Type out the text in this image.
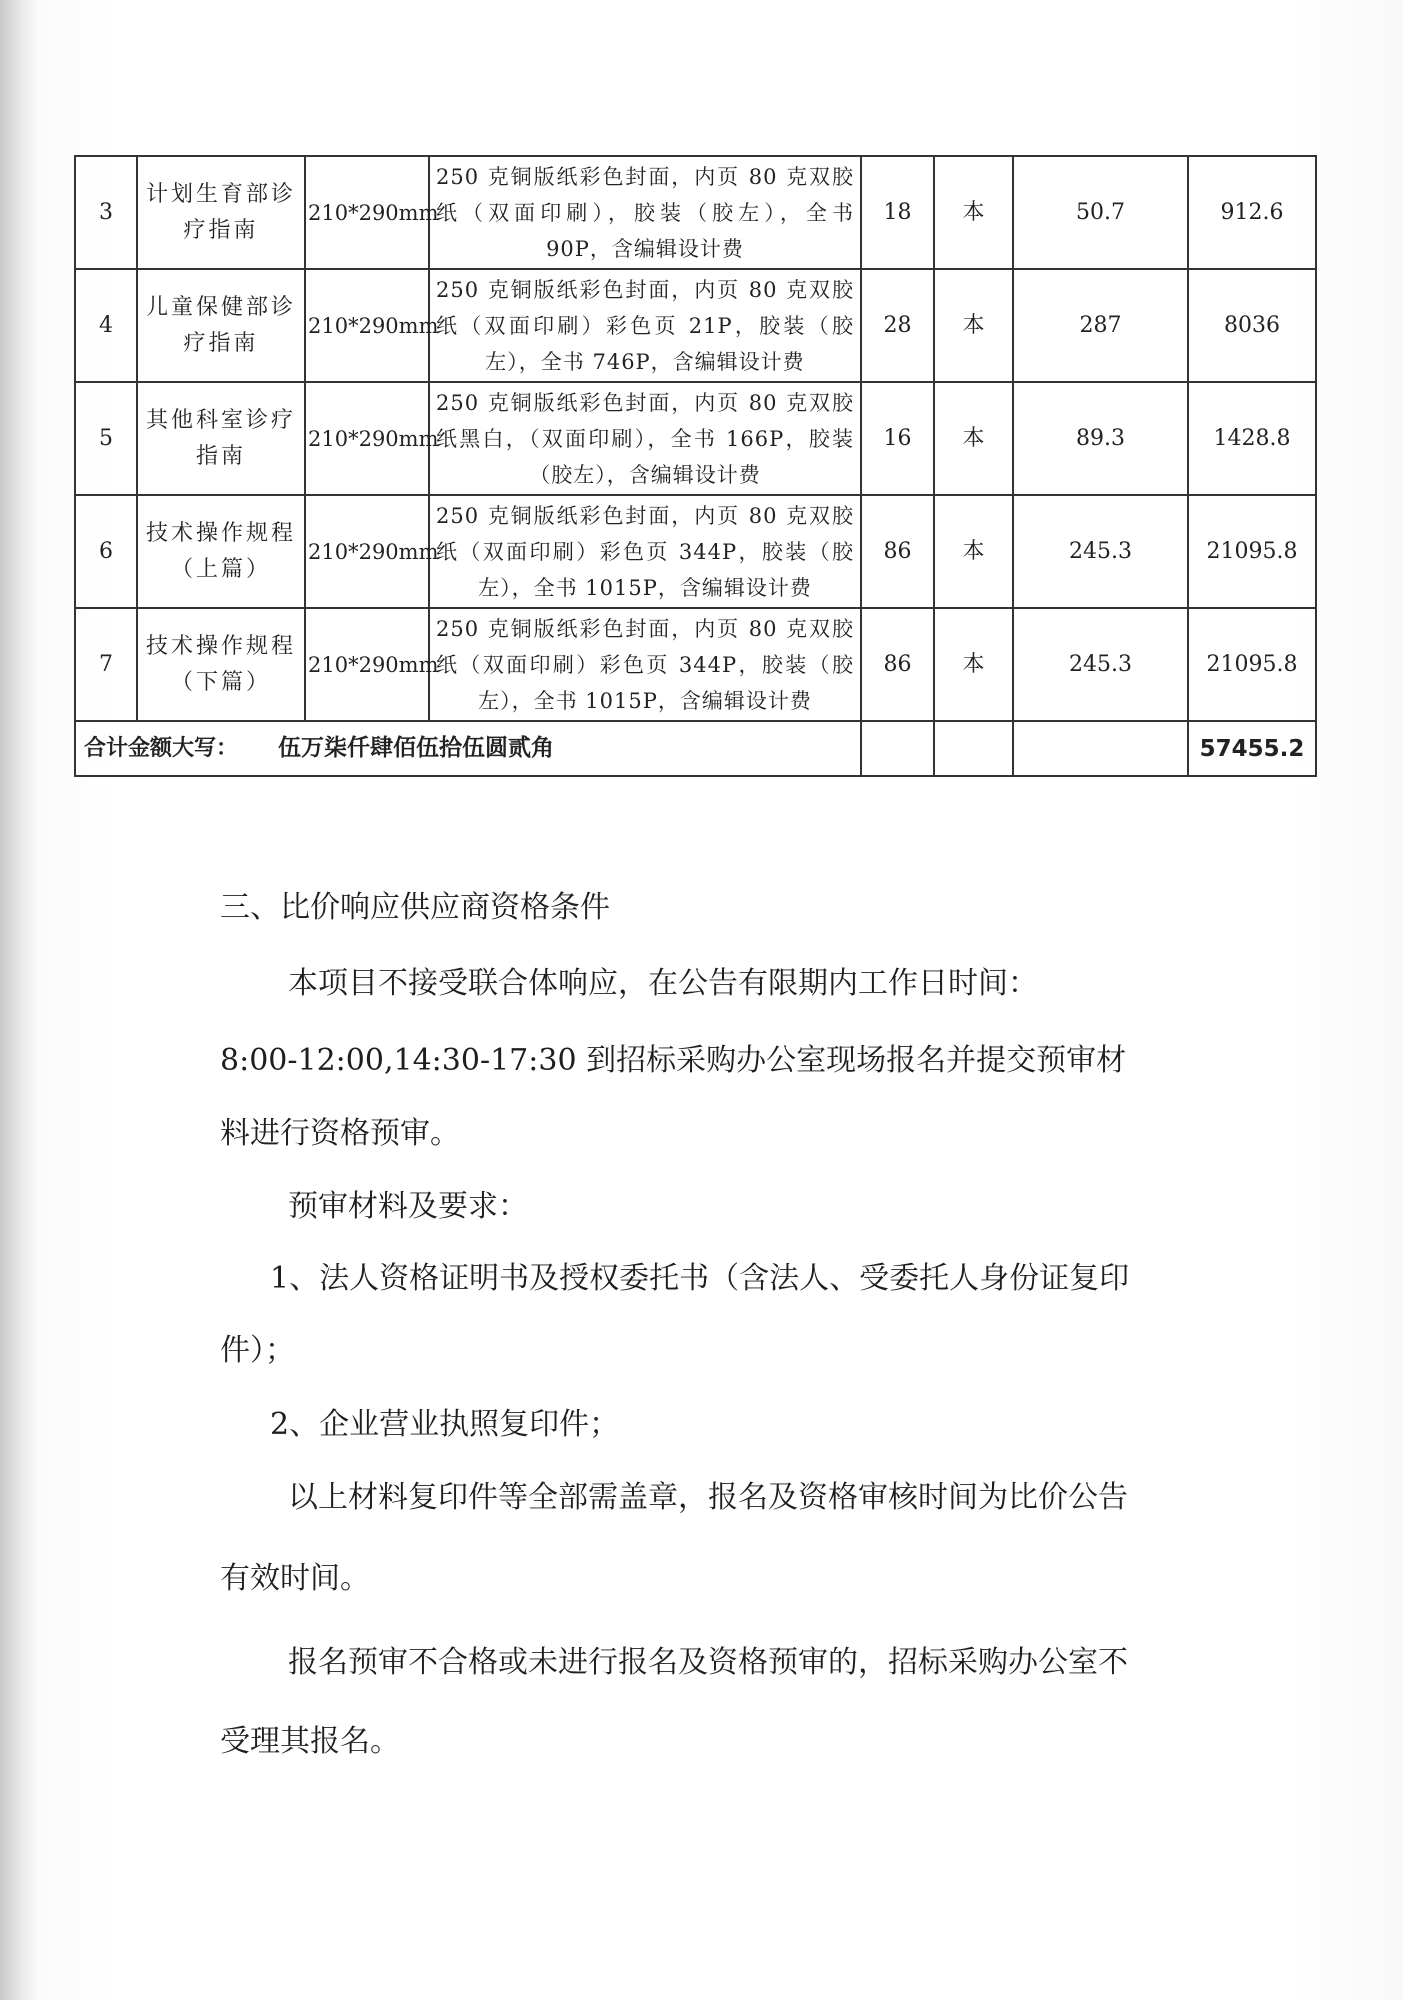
3	计划生育部诊疗指南	210*290mm	250 克铜版纸彩色封面，内页 80 克双胶纸（双面印刷），胶装（胶左），全书 90P，含编辑设计费	18	本	50.7	912.6
4	儿童保健部诊疗指南	210*290mm	250 克铜版纸彩色封面，内页 80 克双胶纸（双面印刷）彩色页 21P，胶装（胶左），全书 746P，含编辑设计费	28	本	287	8036
5	其他科室诊疗指南	210*290mm	250 克铜版纸彩色封面，内页 80 克双胶纸黑白，（双面印刷），全书 166P，胶装（胶左），含编辑设计费	16	本	89.3	1428.8
6	技术操作规程（上篇）	210*290mm	250 克铜版纸彩色封面，内页 80 克双胶纸（双面印刷）彩色页 344P，胶装（胶左），全书 1015P，含编辑设计费	86	本	245.3	21095.8
7	技术操作规程（下篇）	210*290mm	250 克铜版纸彩色封面，内页 80 克双胶纸（双面印刷）彩色页 344P，胶装（胶左），全书 1015P，含编辑设计费	86	本	245.3	21095.8
合计金额大写： 伍万柒仟肆佰伍拾伍圆贰角							57455.2
三、比价响应供应商资格条件
本项目不接受联合体响应，在公告有限期内工作日时间：
8:00-12:00,14:30-17:30 到招标采购办公室现场报名并提交预审材
料进行资格预审。
预审材料及要求：
1、法人资格证明书及授权委托书（含法人、受委托人身份证复印
件）；
2、企业营业执照复印件；
以上材料复印件等全部需盖章，报名及资格审核时间为比价公告
有效时间。
报名预审不合格或未进行报名及资格预审的，招标采购办公室不
受理其报名。
